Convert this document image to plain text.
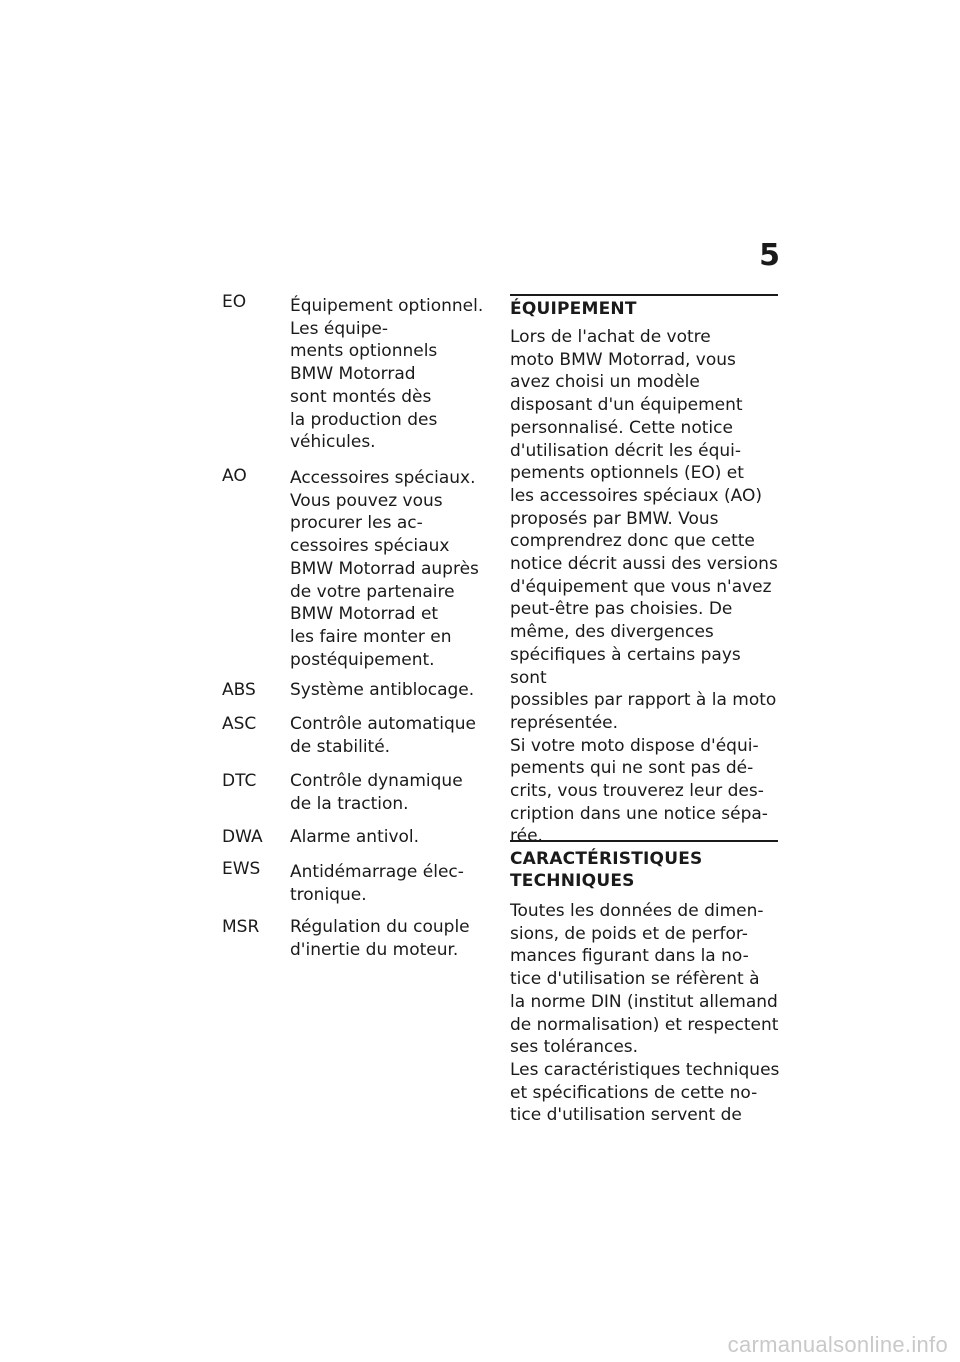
5
EO	Équipement optionnel.
Les équipe-
ments optionnels
BMW Motorrad
sont montés dès
la production des
véhicules.
AO	Accessoires spéciaux.
Vous pouvez vous
procurer les ac-
cessoires spéciaux
BMW Motorrad auprès
de votre partenaire
BMW Motorrad et
les faire monter en
postéquipement.
ABS	Système antiblocage.
ASC	Contrôle automatique
de stabilité.
DTC	Contrôle dynamique
de la traction.
DWA	Alarme antivol.
EWS	Antidémarrage élec-
tronique.
MSR	Régulation du couple
d'inertie du moteur.
ÉQUIPEMENT

Lors de l'achat de votre
moto BMW Motorrad, vous
avez choisi un modèle
disposant d'un équipement
personnalisé. Cette notice
d'utilisation décrit les équi-
pements optionnels (EO) et
les accessoires spéciaux (AO)
proposés par BMW. Vous
comprendrez donc que cette
notice décrit aussi des versions
d'équipement que vous n'avez
peut-être pas choisies. De
même, des divergences
spécifiques à certains pays sont
possibles par rapport à la moto
représentée.

Si votre moto dispose d'équi-
pements qui ne sont pas dé-
crits, vous trouverez leur des-
cription dans une notice sépa-
rée.

CARACTÉRISTIQUES
TECHNIQUES

Toutes les données de dimen-
sions, de poids et de perfor-
mances figurant dans la no-
tice d'utilisation se réfèrent à
la norme DIN (institut allemand
de normalisation) et respectent
ses tolérances.

Les caractéristiques techniques
et spécifications de cette no-
tice d'utilisation servent de

carmanualsonline.info
